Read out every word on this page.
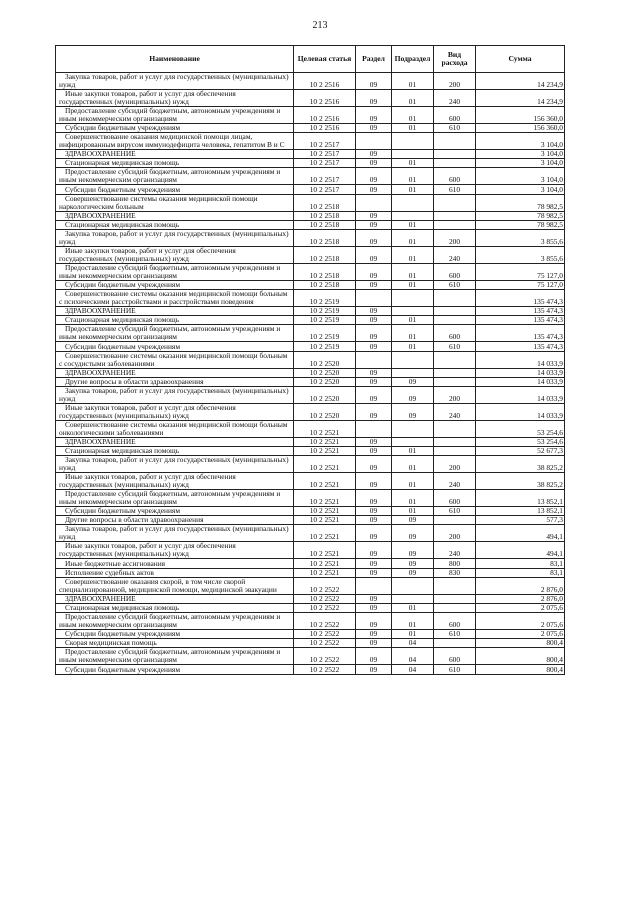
213
Наименование	Целевая статья	Раздел	Подраздел	Вид расхода	Сумма
Закупка товаров, работ и услуг для государственных (муниципальных) нужд	10 2 2516	09	01	200	14 234,9
Иные закупки товаров, работ и услуг для обеспечения государственных (муниципальных) нужд	10 2 2516	09	01	240	14 234,9
Предоставление субсидий бюджетным, автономным учреждениям и иным некоммерческим организациям	10 2 2516	09	01	600	156 360,0
Субсидии бюджетным учреждениям	10 2 2516	09	01	610	156 360,0
Совершенствование оказания медицинской помощи лицам, инфицированным вирусом иммунодефицита человека, гепатитом B и C	10 2 2517				3 104,0
ЗДРАВООХРАНЕНИЕ	10 2 2517	09			3 104,0
Стационарная медицинская помощь	10 2 2517	09	01		3 104,0
Предоставление субсидий бюджетным, автономным учреждениям и иным некоммерческим организациям	10 2 2517	09	01	600	3 104,0
Субсидии бюджетным учреждениям	10 2 2517	09	01	610	3 104,0
Совершенствование системы оказания медицинской помощи наркологическим больным	10 2 2518				78 982,5
ЗДРАВООХРАНЕНИЕ	10 2 2518	09			78 982,5
Стационарная медицинская помощь	10 2 2518	09	01		78 982,5
Закупка товаров, работ и услуг для государственных (муниципальных) нужд	10 2 2518	09	01	200	3 855,6
Иные закупки товаров, работ и услуг для обеспечения государственных (муниципальных) нужд	10 2 2518	09	01	240	3 855,6
Предоставление субсидий бюджетным, автономным учреждениям и иным некоммерческим организациям	10 2 2518	09	01	600	75 127,0
Субсидии бюджетным учреждениям	10 2 2518	09	01	610	75 127,0
Совершенствование системы оказания медицинской помощи больным с психическими расстройствами и расстройствами поведения	10 2 2519				135 474,3
ЗДРАВООХРАНЕНИЕ	10 2 2519	09			135 474,3
Стационарная медицинская помощь	10 2 2519	09	01		135 474,3
Предоставление субсидий бюджетным, автономным учреждениям и иным некоммерческим организациям	10 2 2519	09	01	600	135 474,3
Субсидии бюджетным учреждениям	10 2 2519	09	01	610	135 474,3
Совершенствование системы оказания медицинской помощи больным с сосудистыми заболеваниями	10 2 2520				14 033,9
ЗДРАВООХРАНЕНИЕ	10 2 2520	09			14 033,9
Другие вопросы в области здравоохранения	10 2 2520	09	09		14 033,9
Закупка товаров, работ и услуг для государственных (муниципальных) нужд	10 2 2520	09	09	200	14 033,9
Иные закупки товаров, работ и услуг для обеспечения государственных (муниципальных) нужд	10 2 2520	09	09	240	14 033,9
Совершенствование системы оказания медицинской помощи больным онкологическими заболеваниями	10 2 2521				53 254,6
ЗДРАВООХРАНЕНИЕ	10 2 2521	09			53 254,6
Стационарная медицинская помощь	10 2 2521	09	01		52 677,3
Закупка товаров, работ и услуг для государственных (муниципальных) нужд	10 2 2521	09	01	200	38 825,2
Иные закупки товаров, работ и услуг для обеспечения государственных (муниципальных) нужд	10 2 2521	09	01	240	38 825,2
Предоставление субсидий бюджетным, автономным учреждениям и иным некоммерческим организациям	10 2 2521	09	01	600	13 852,1
Субсидии бюджетным учреждениям	10 2 2521	09	01	610	13 852,1
Другие вопросы в области здравоохранения	10 2 2521	09	09		577,3
Закупка товаров, работ и услуг для государственных (муниципальных) нужд	10 2 2521	09	09	200	494,1
Иные закупки товаров, работ и услуг для обеспечения государственных (муниципальных) нужд	10 2 2521	09	09	240	494,1
Иные бюджетные ассигнования	10 2 2521	09	09	800	83,1
Исполнение судебных актов	10 2 2521	09	09	830	83,1
Совершенствование оказания скорой, в том числе скорой специализированной, медицинской помощи, медицинской эвакуации	10 2 2522				2 876,0
ЗДРАВООХРАНЕНИЕ	10 2 2522	09			2 876,0
Стационарная медицинская помощь	10 2 2522	09	01		2 075,6
Предоставление субсидий бюджетным, автономным учреждениям и иным некоммерческим организациям	10 2 2522	09	01	600	2 075,6
Субсидии бюджетным учреждениям	10 2 2522	09	01	610	2 075,6
Скорая медицинская помощь	10 2 2522	09	04		800,4
Предоставление субсидий бюджетным, автономным учреждениям и иным некоммерческим организациям	10 2 2522	09	04	600	800,4
Субсидии бюджетным учреждениям	10 2 2522	09	04	610	800,4
